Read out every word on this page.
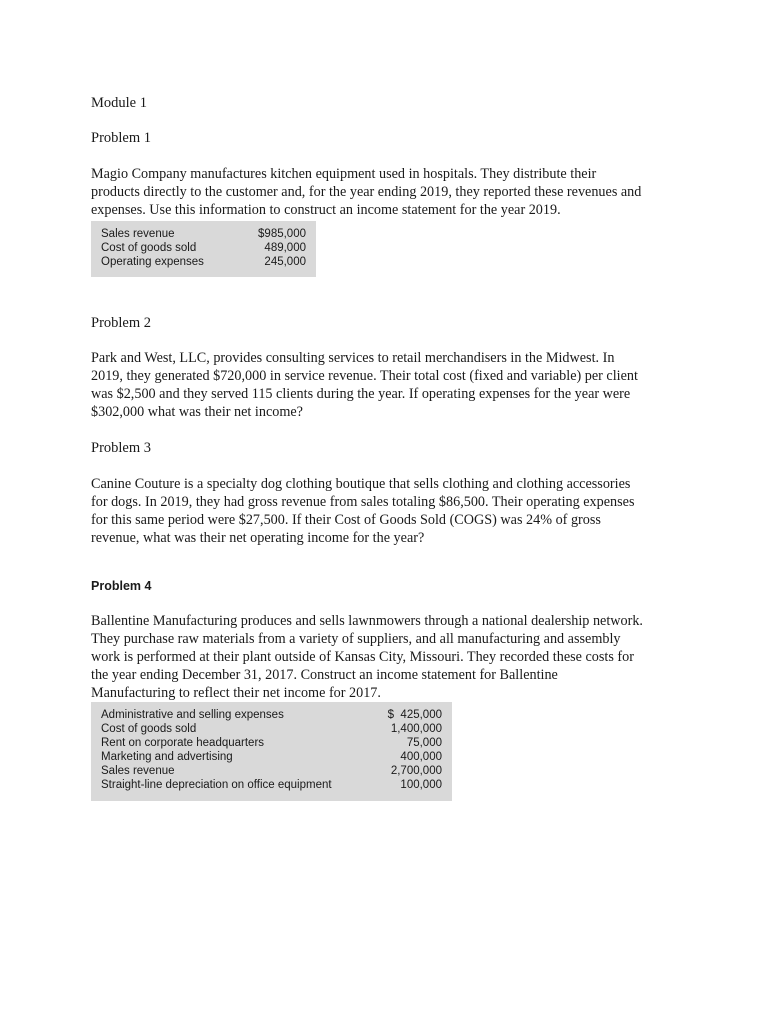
Module 1
Problem 1
Magio Company manufactures kitchen equipment used in hospitals. They distribute their
products directly to the customer and, for the year ending 2019, they reported these revenues and
expenses. Use this information to construct an income statement for the year 2019.
Sales revenue	$985,000
Cost of goods sold	489,000
Operating expenses	245,000
Problem 2
Park and West, LLC, provides consulting services to retail merchandisers in the Midwest. In
2019, they generated $720,000 in service revenue. Their total cost (fixed and variable) per client
was $2,500 and they served 115 clients during the year. If operating expenses for the year were
$302,000 what was their net income?
Problem 3
Canine Couture is a specialty dog clothing boutique that sells clothing and clothing accessories
for dogs. In 2019, they had gross revenue from sales totaling $86,500. Their operating expenses
for this same period were $27,500. If their Cost of Goods Sold (COGS) was 24% of gross
revenue, what was their net operating income for the year?
Problem 4
Ballentine Manufacturing produces and sells lawnmowers through a national dealership network.
They purchase raw materials from a variety of suppliers, and all manufacturing and assembly
work is performed at their plant outside of Kansas City, Missouri. They recorded these costs for
the year ending December 31, 2017. Construct an income statement for Ballentine
Manufacturing to reflect their net income for 2017.
Administrative and selling expenses	$  425,000
Cost of goods sold	1,400,000
Rent on corporate headquarters	75,000
Marketing and advertising	400,000
Sales revenue	2,700,000
Straight-line depreciation on office equipment	100,000
